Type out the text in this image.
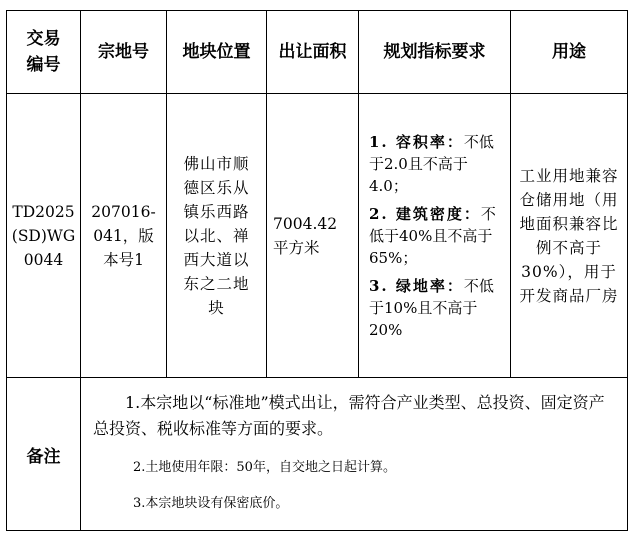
交易编号	宗地号	地块位置	出让面积	规划指标要求	用途
TD2025(SD)WG0044	207016-041，版本号1	佛山市顺德区乐从镇乐西路以北、禅西大道以东之二地块	7004.42平方米	1. 容积率：不低于2.0且不高于4.0；

2. 建筑密度：不低于40%且不高于65%；

3. 绿地率：不低于10%且不高于20%	工业用地兼容仓储用地（用地面积兼容比例不高于30%），用于开发商品厂房
备注	1.本宗地以“标准地”模式出让，需符合产业类型、总投资、固定资产总投资、税收标准等方面的要求。

2.土地使用年限：50年，自交地之日起计算。

3.本宗地块设有保密底价。				
